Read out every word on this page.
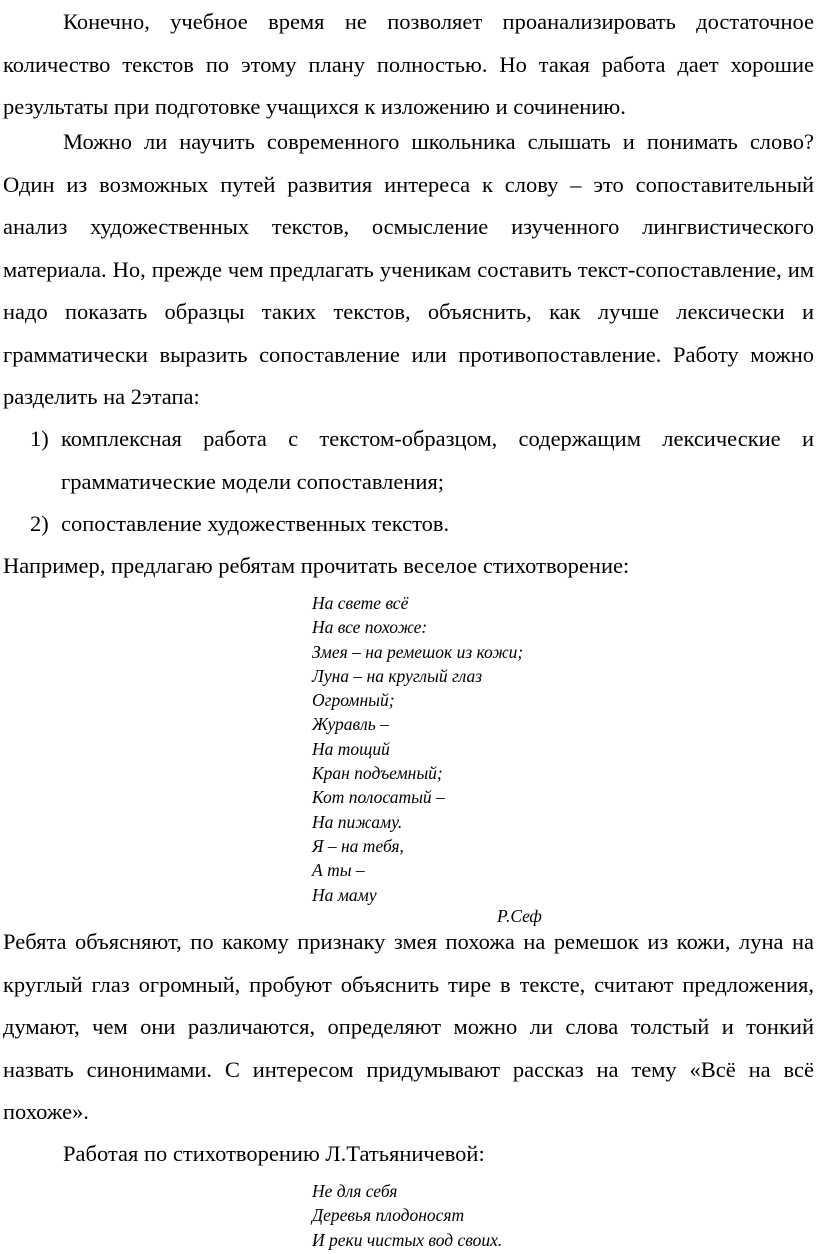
Конечно, учебное время не позволяет проанализировать достаточное количество текстов по этому плану полностью. Но такая работа дает хорошие результаты при подготовке учащихся к изложению и сочинению.

Можно ли научить современного школьника слышать и понимать слово? Один из возможных путей развития интереса к слову – это сопоставительный анализ художественных текстов, осмысление изученного лингвистического материала. Но, прежде чем предлагать ученикам составить текст-сопоставление, им надо показать образцы таких текстов, объяснить, как лучше лексически и грамматически выразить сопоставление или противопоставление. Работу можно разделить на 2этапа:

1) комплексная работа с текстом-образцом, содержащим лексические и грамматические модели сопоставления;
2) сопоставление художественных текстов.

Например, предлагаю ребятам прочитать веселое стихотворение:

На свете всё
На все похоже:
Змея – на ремешок из кожи;
Луна – на круглый глаз
Огромный;
Журавль –
На тощий
Кран подъемный;
Кот полосатый –
На пижаму.
Я – на тебя,
А ты –
На маму
Р.Сеф

Ребята объясняют, по какому признаку змея похожа на ремешок из кожи, луна на круглый глаз огромный, пробуют объяснить тире в тексте, считают предложения, думают, чем они различаются, определяют можно ли слова толстый и тонкий назвать синонимами. С интересом придумывают рассказ на тему «Всё на всё похоже».

Работая по стихотворению Л.Татьяничевой:

Не для себя
Деревья плодоносят
И реки чистых вод своих.
